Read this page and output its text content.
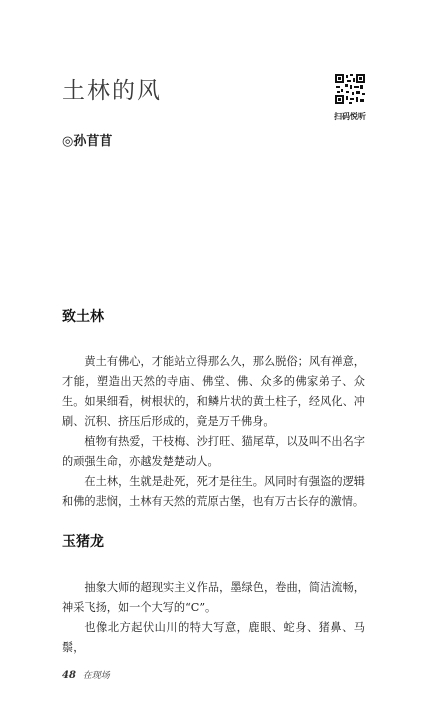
土林的风
扫码悦听
◎孙苜苜
致土林

黄土有佛心，才能站立得那么久，那么脱俗；风有禅意，才能，塑造出天然的寺庙、佛堂、佛、众多的佛家弟子、众生。 如果细看，树根状的，和鳞片状的黄土柱子，经风化、冲刷、沉积、挤压后形成的，竟是万千佛身。

植物有热爱，干枝梅、沙打旺、猫尾草，以及叫不出名字的顽强生命，亦越发楚楚动人。

在土林，生就是赴死，死才是往生。风同时有强盗的逻辑和佛的悲悯，土林有天然的荒原古堡，也有万古长存的激情。

玉猪龙

抽象大师的超现实主义作品，墨绿色，卷曲，简洁流畅，神采飞扬，如一个大写的“C”。

也像北方起伏山川的特大写意，鹿眼、蛇身、猪鼻、马鬃，

48 在现场
